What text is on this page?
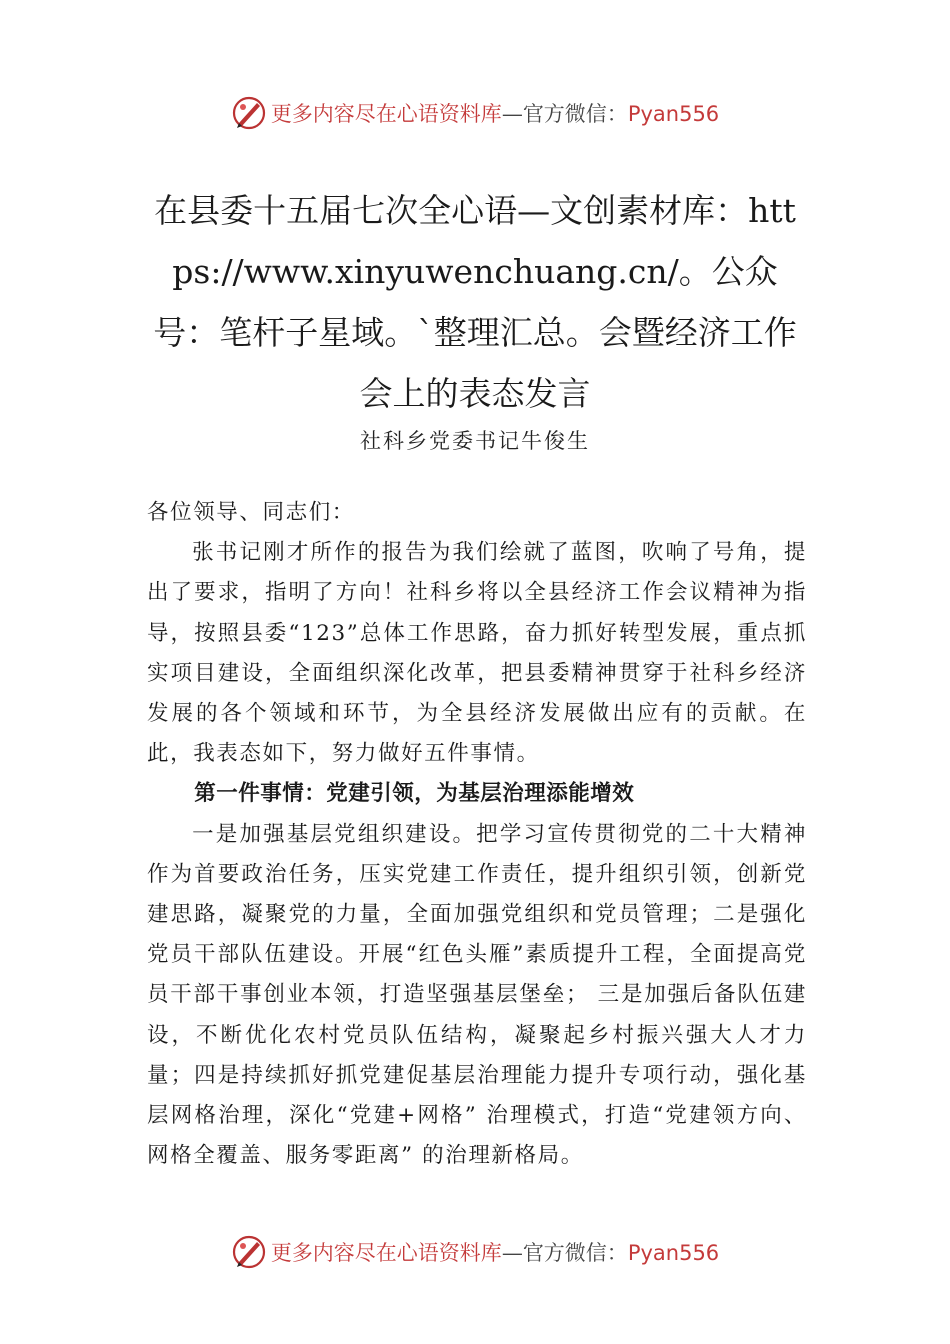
更多内容尽在心语资料库—官方微信：Pyan556
在县委十五届七次全心语—文创素材库：https://www.xinyuwenchuang.cn/。公众号：笔杆子星域。`整理汇总。会暨经济工作会上的表态发言
社科乡党委书记牛俊生

各位领导、同志们：

张书记刚才所作的报告为我们绘就了蓝图，吹响了号角，提出了要求，指明了方向！社科乡将以全县经济工作会议精神为指导，按照县委“123”总体工作思路，奋力抓好转型发展，重点抓实项目建设，全面组织深化改革，把县委精神贯穿于社科乡经济发展的各个领域和环节，为全县经济发展做出应有的贡献。在此，我表态如下，努力做好五件事情。

第一件事情：党建引领，为基层治理添能增效

一是加强基层党组织建设。把学习宣传贯彻党的二十大精神作为首要政治任务，压实党建工作责任，提升组织引领，创新党建思路，凝聚党的力量，全面加强党组织和党员管理；二是强化党员干部队伍建设。开展“红色头雁”素质提升工程，全面提高党员干部干事创业本领，打造坚强基层堡垒； 三是加强后备队伍建设，不断优化农村党员队伍结构，凝聚起乡村振兴强大人才力量；四是持续抓好抓党建促基层治理能力提升专项行动，强化基层网格治理，深化“党建+网格” 治理模式，打造“党建领方向、网格全覆盖、服务零距离” 的治理新格局。

更多内容尽在心语资料库—官方微信：Pyan556
